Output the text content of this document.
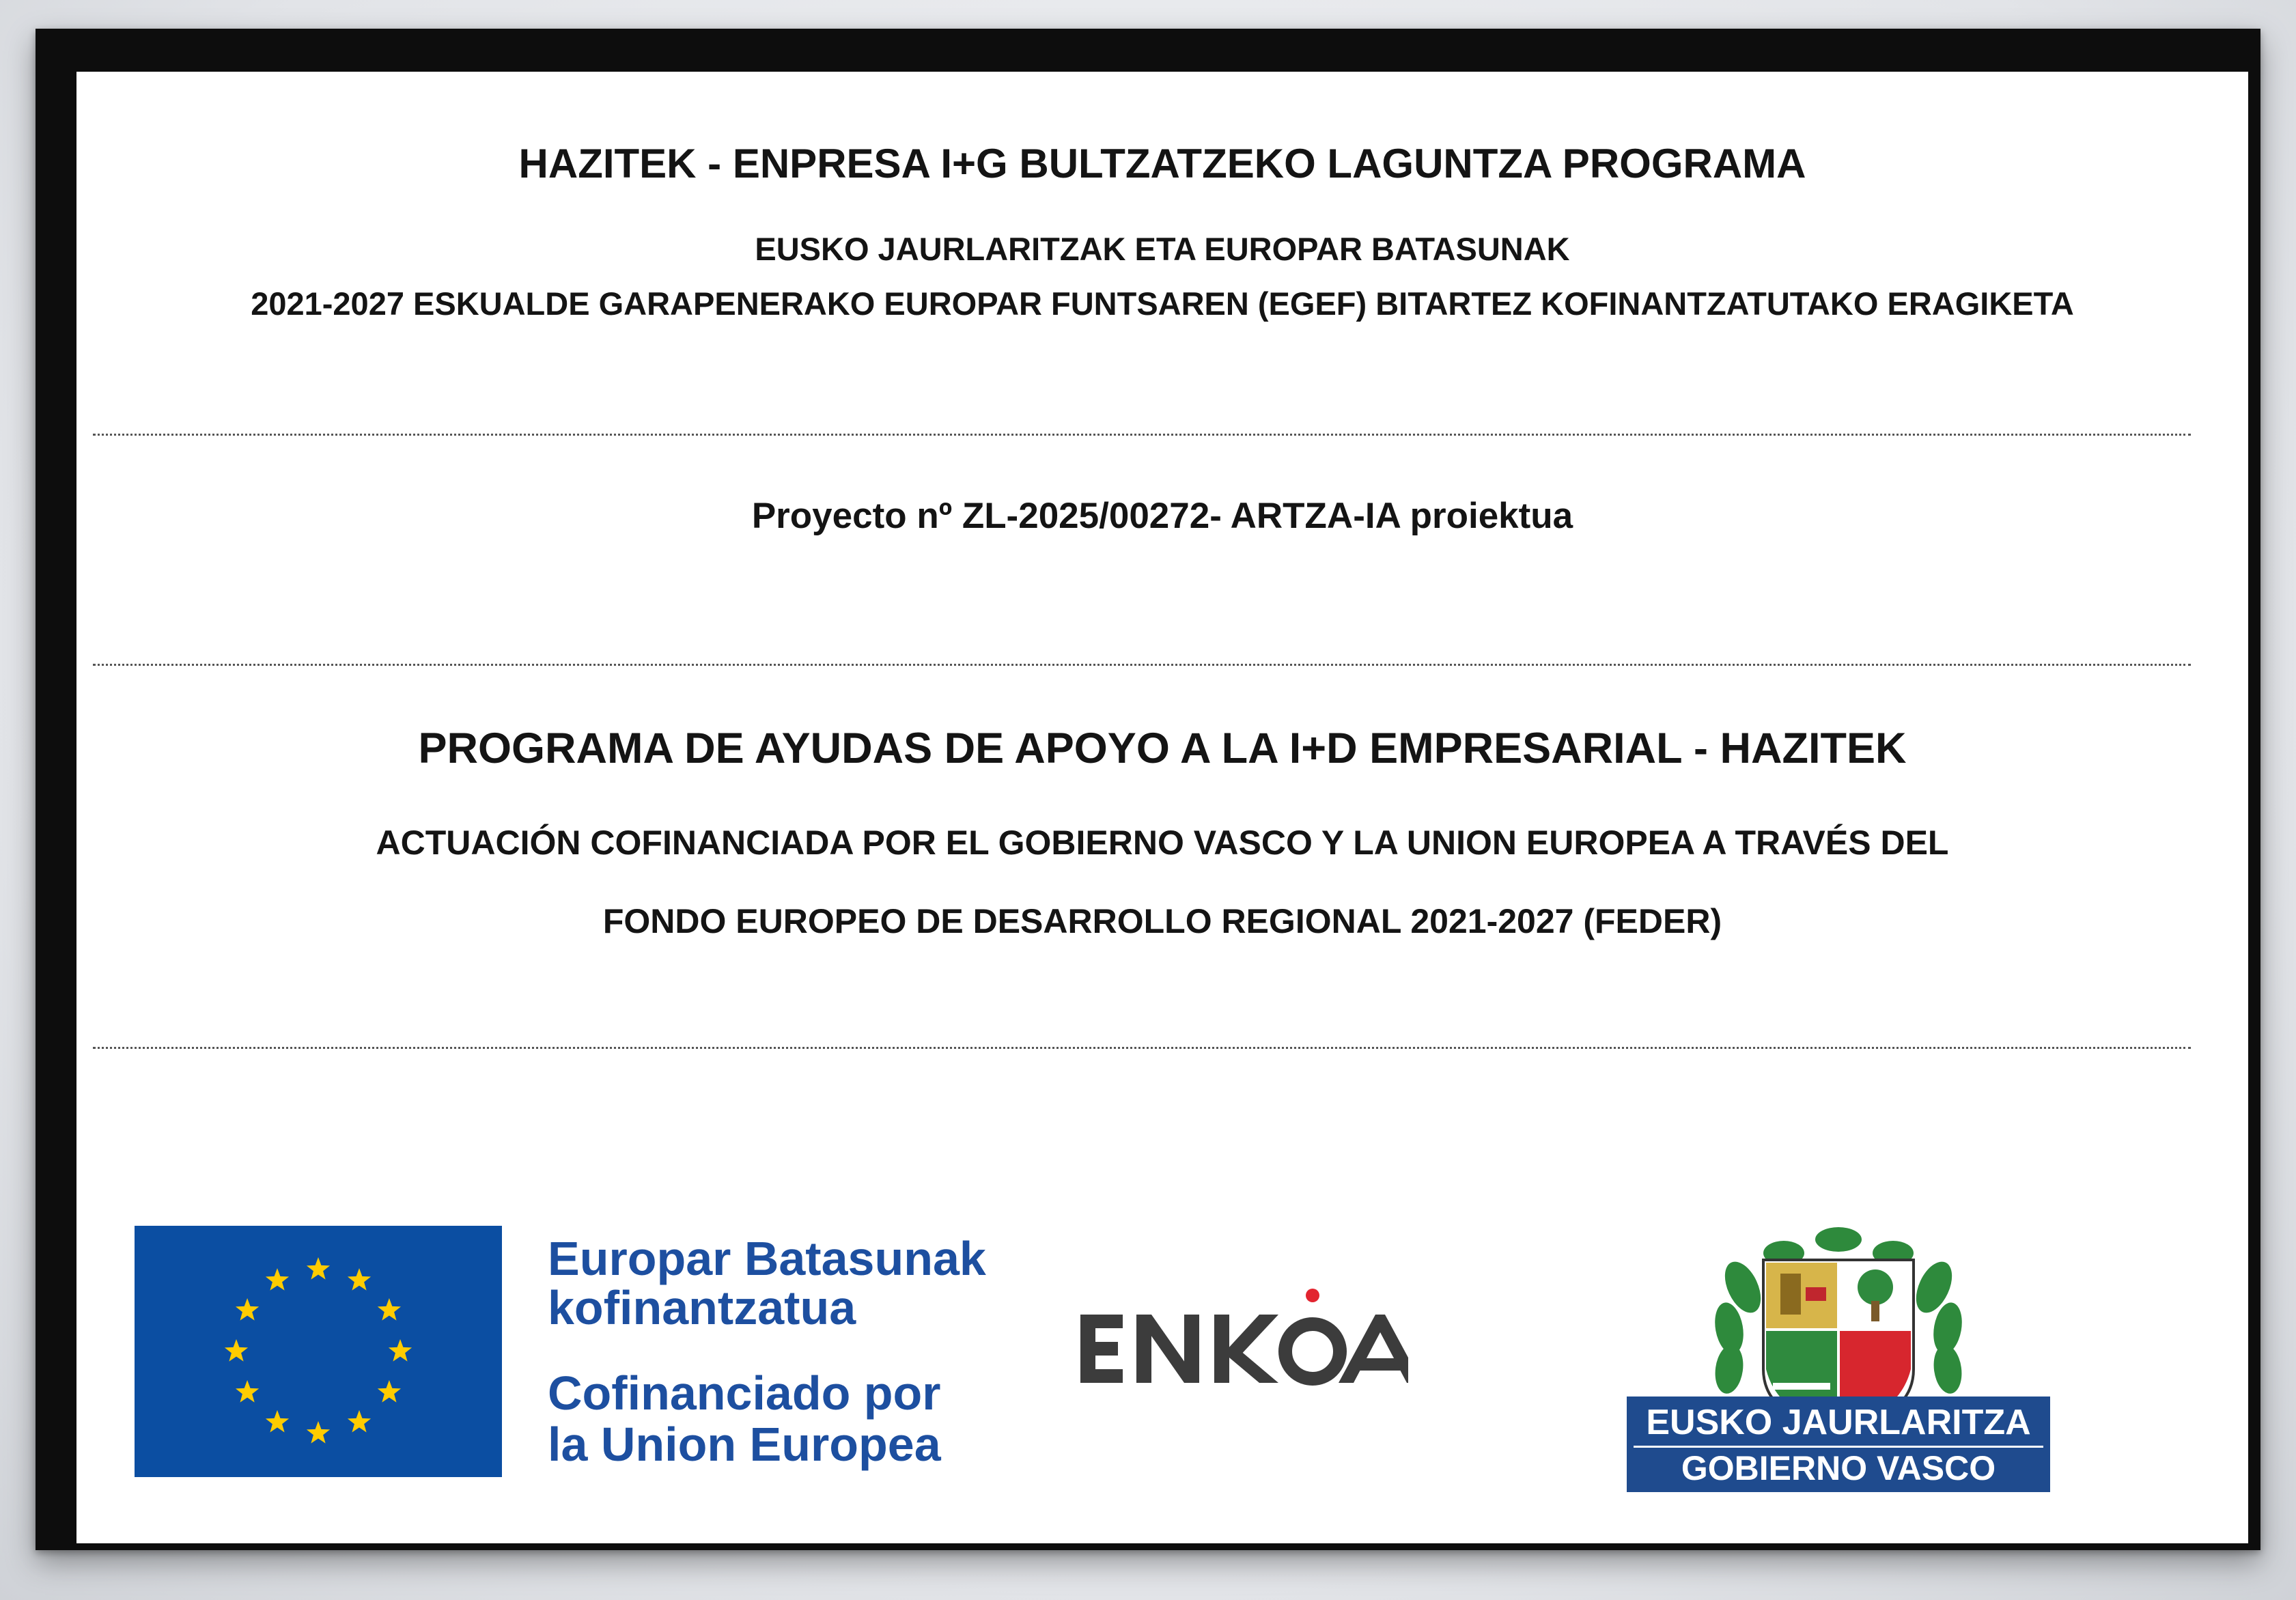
HAZITEK - ENPRESA I+G BULTZATZEKO LAGUNTZA PROGRAMA

EUSKO JAURLARITZAK ETA EUROPAR BATASUNAK

2021-2027 ESKUALDE GARAPENERAKO EUROPAR FUNTSAREN (EGEF) BITARTEZ KOFINANTZATUTAKO ERAGIKETA

Proyecto nº ZL-2025/00272- ARTZA-IA proiektua

PROGRAMA DE AYUDAS DE APOYO A LA I+D EMPRESARIAL - HAZITEK

ACTUACIÓN COFINANCIADA POR EL GOBIERNO VASCO Y LA UNION EUROPEA A TRAVÉS DEL

FONDO EUROPEO DE DESARROLLO REGIONAL 2021-2027 (FEDER)

Europar Batasunak

kofinantzatua

Cofinanciado por

la Union Europea	EUSKO JAURLARITZA
GOBIERNO VASCO
